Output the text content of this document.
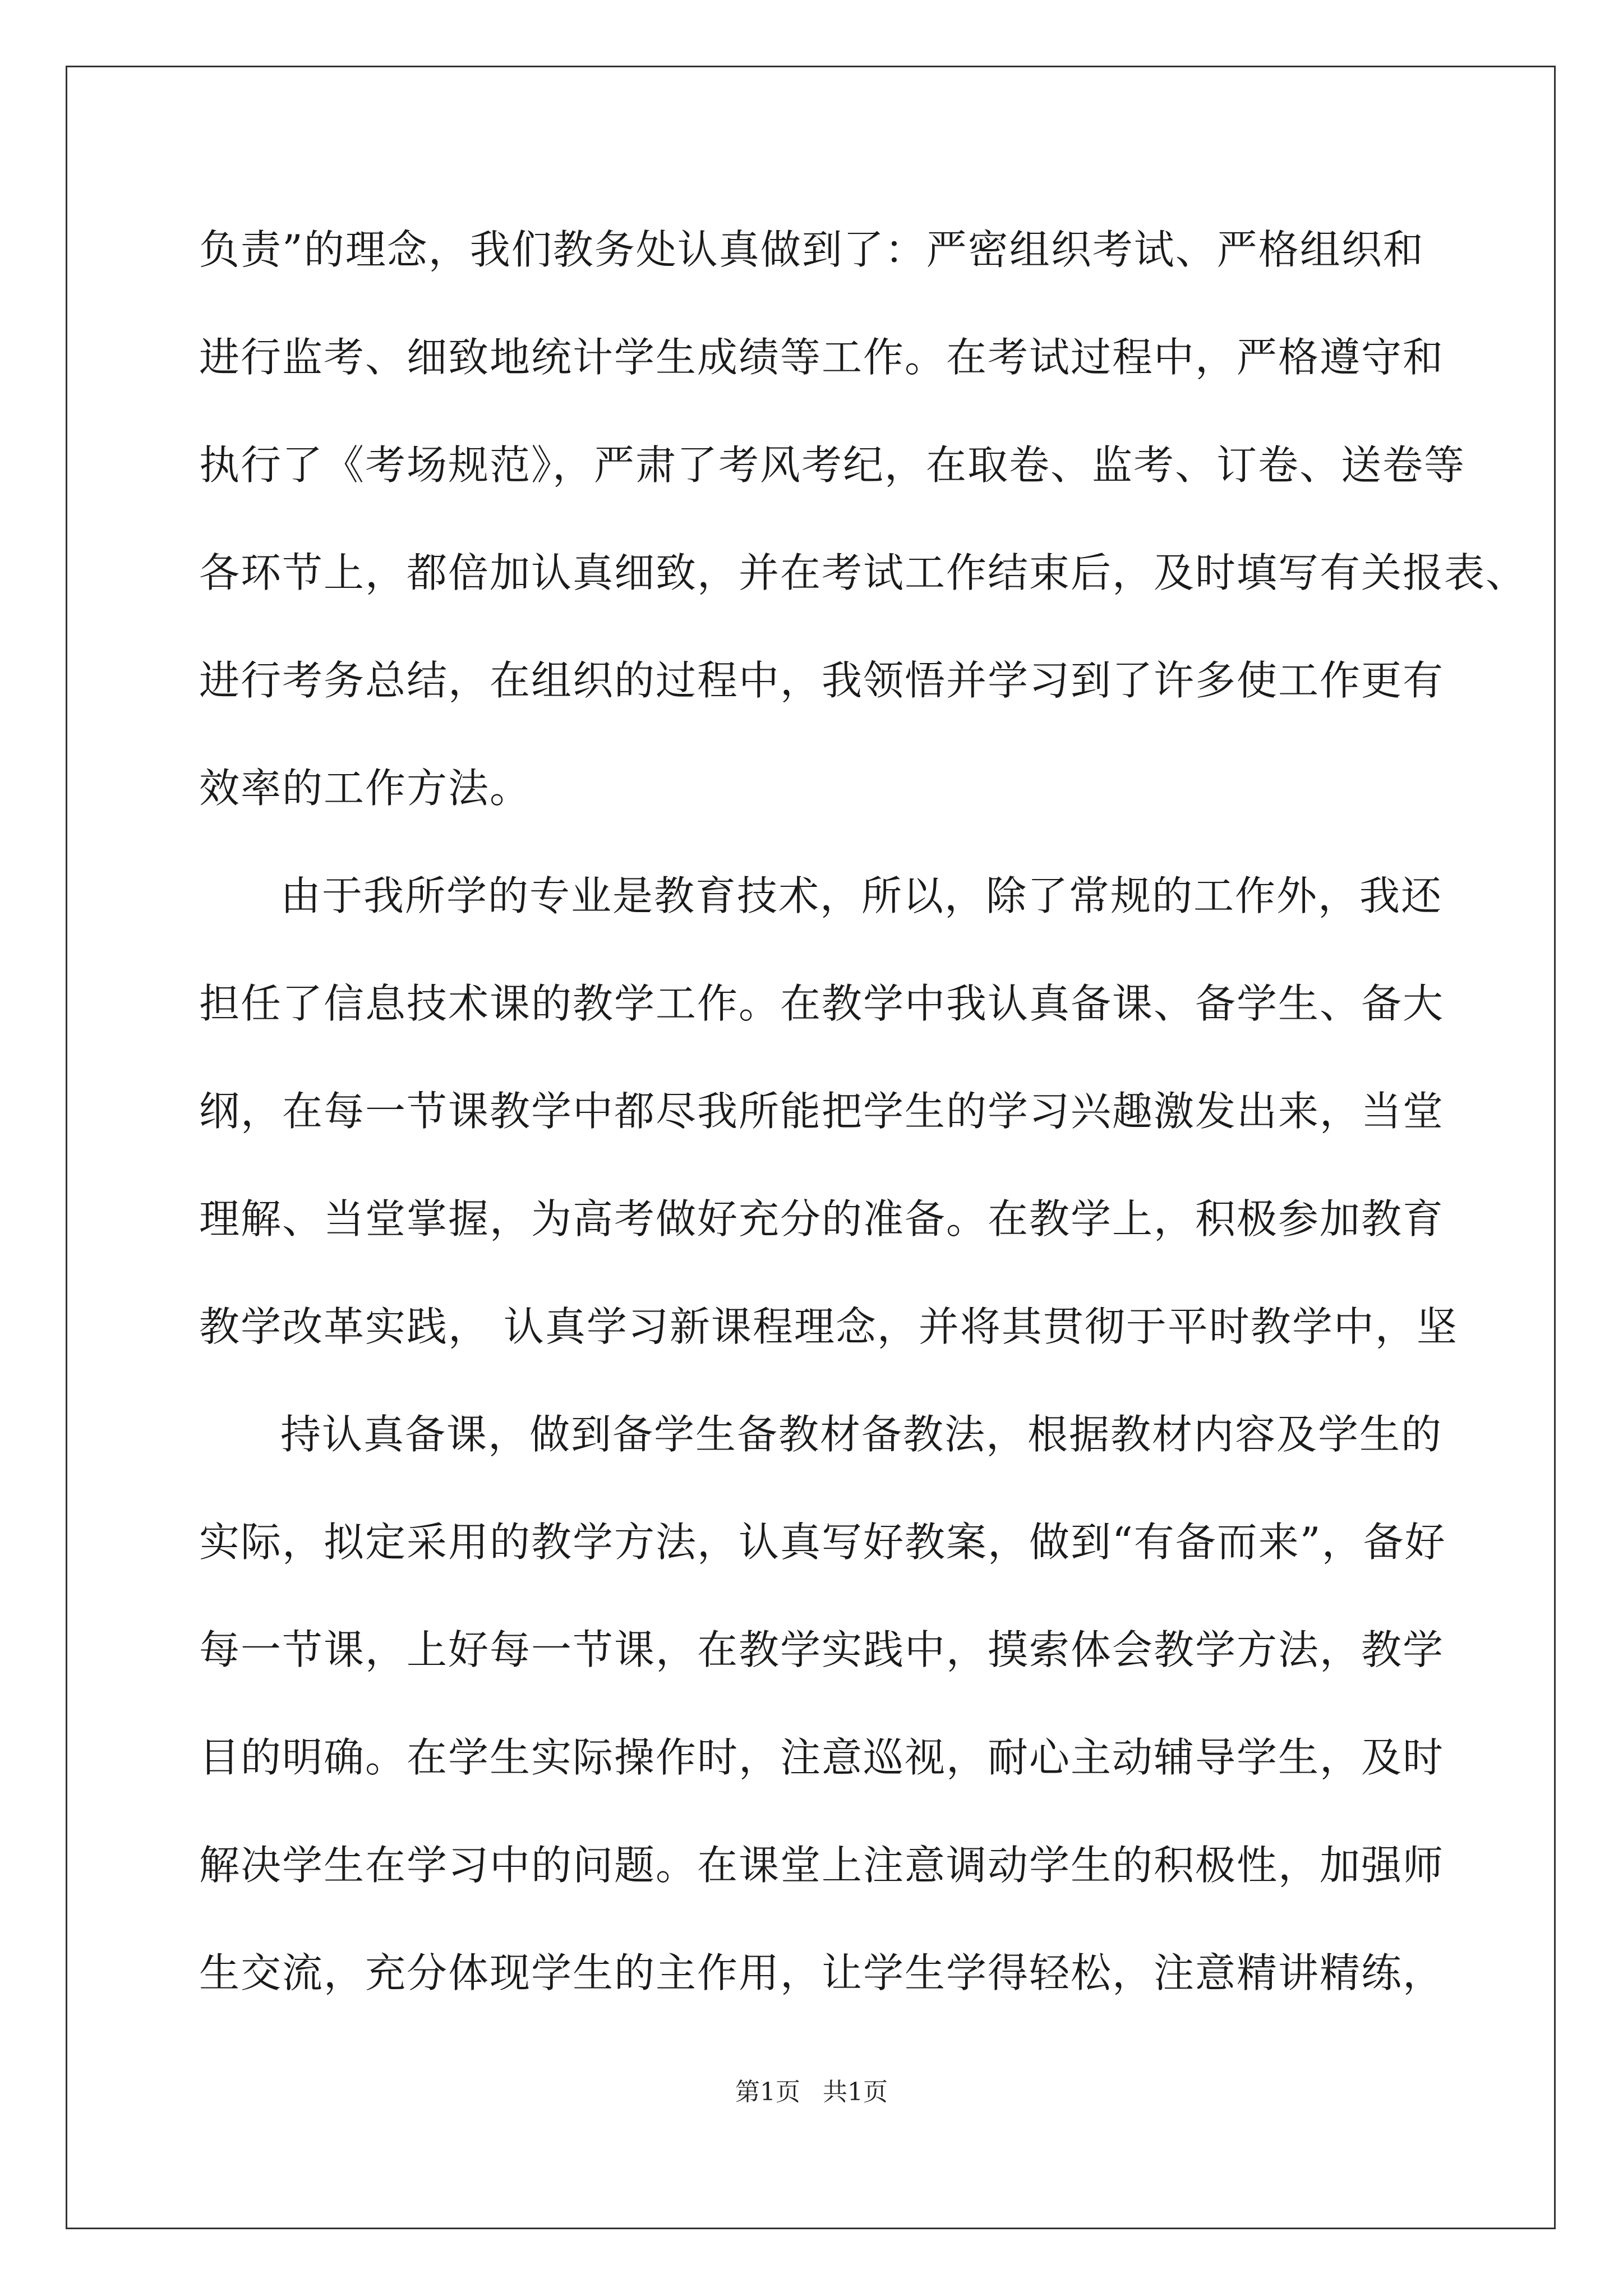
负责”的理念，我们教务处认真做到了：严密组织考试、严格组织和
进行监考、细致地统计学生成绩等工作。在考试过程中，严格遵守和
执行了《考场规范》，严肃了考风考纪，在取卷、监考、订卷、送卷等
各环节上，都倍加认真细致，并在考试工作结束后，及时填写有关报表、
进行考务总结，在组织的过程中，我领悟并学习到了许多使工作更有
效率的工作方法。
由于我所学的专业是教育技术，所以，除了常规的工作外，我还
担任了信息技术课的教学工作。在教学中我认真备课、备学生、备大
纲，在每一节课教学中都尽我所能把学生的学习兴趣激发出来，当堂
理解、当堂掌握，为高考做好充分的准备。在教学上，积极参加教育
教学改革实践， 认真学习新课程理念，并将其贯彻于平时教学中，坚
持认真备课，做到备学生备教材备教法，根据教材内容及学生的
实际，拟定采用的教学方法，认真写好教案，做到“有备而来”，备好
每一节课，上好每一节课，在教学实践中，摸索体会教学方法，教学
目的明确。在学生实际操作时，注意巡视，耐心主动辅导学生，及时
解决学生在学习中的问题。在课堂上注意调动学生的积极性，加强师
生交流，充分体现学生的主作用，让学生学得轻松，注意精讲精练，
第1页 共1页
